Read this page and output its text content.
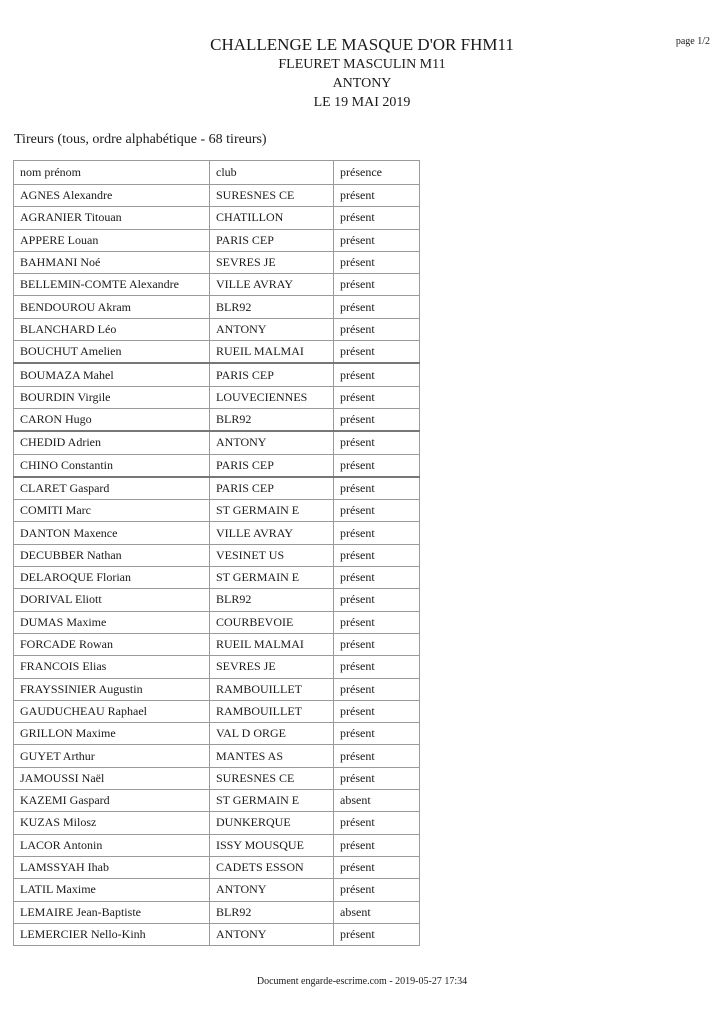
page 1/2
CHALLENGE LE MASQUE D'OR FHM11
FLEURET MASCULIN M11
ANTONY
LE 19 MAI 2019
Tireurs (tous, ordre alphabétique - 68 tireurs)
nom prénom	club	présence
AGNES Alexandre	SURESNES CE	présent
AGRANIER Titouan	CHATILLON	présent
APPERE Louan	PARIS CEP	présent
BAHMANI Noé	SEVRES JE	présent
BELLEMIN-COMTE Alexandre	VILLE AVRAY	présent
BENDOUROU Akram	BLR92	présent
BLANCHARD Léo	ANTONY	présent
BOUCHUT Amelien	RUEIL MALMAI	présent
BOUMAZA Mahel	PARIS CEP	présent
BOURDIN Virgile	LOUVECIENNES	présent
CARON Hugo	BLR92	présent
CHEDID Adrien	ANTONY	présent
CHINO Constantin	PARIS CEP	présent
CLARET Gaspard	PARIS CEP	présent
COMITI Marc	ST GERMAIN E	présent
DANTON Maxence	VILLE AVRAY	présent
DECUBBER Nathan	VESINET US	présent
DELAROQUE Florian	ST GERMAIN E	présent
DORIVAL Eliott	BLR92	présent
DUMAS Maxime	COURBEVOIE	présent
FORCADE Rowan	RUEIL MALMAI	présent
FRANCOIS Elias	SEVRES JE	présent
FRAYSSINIER Augustin	RAMBOUILLET	présent
GAUDUCHEAU Raphael	RAMBOUILLET	présent
GRILLON Maxime	VAL D ORGE	présent
GUYET Arthur	MANTES AS	présent
JAMOUSSI Naël	SURESNES CE	présent
KAZEMI Gaspard	ST GERMAIN E	absent
KUZAS Milosz	DUNKERQUE	présent
LACOR Antonin	ISSY MOUSQUE	présent
LAMSSYAH Ihab	CADETS ESSON	présent
LATIL Maxime	ANTONY	présent
LEMAIRE Jean-Baptiste	BLR92	absent
LEMERCIER Nello-Kinh	ANTONY	présent
Document engarde-escrime.com - 2019-05-27 17:34
